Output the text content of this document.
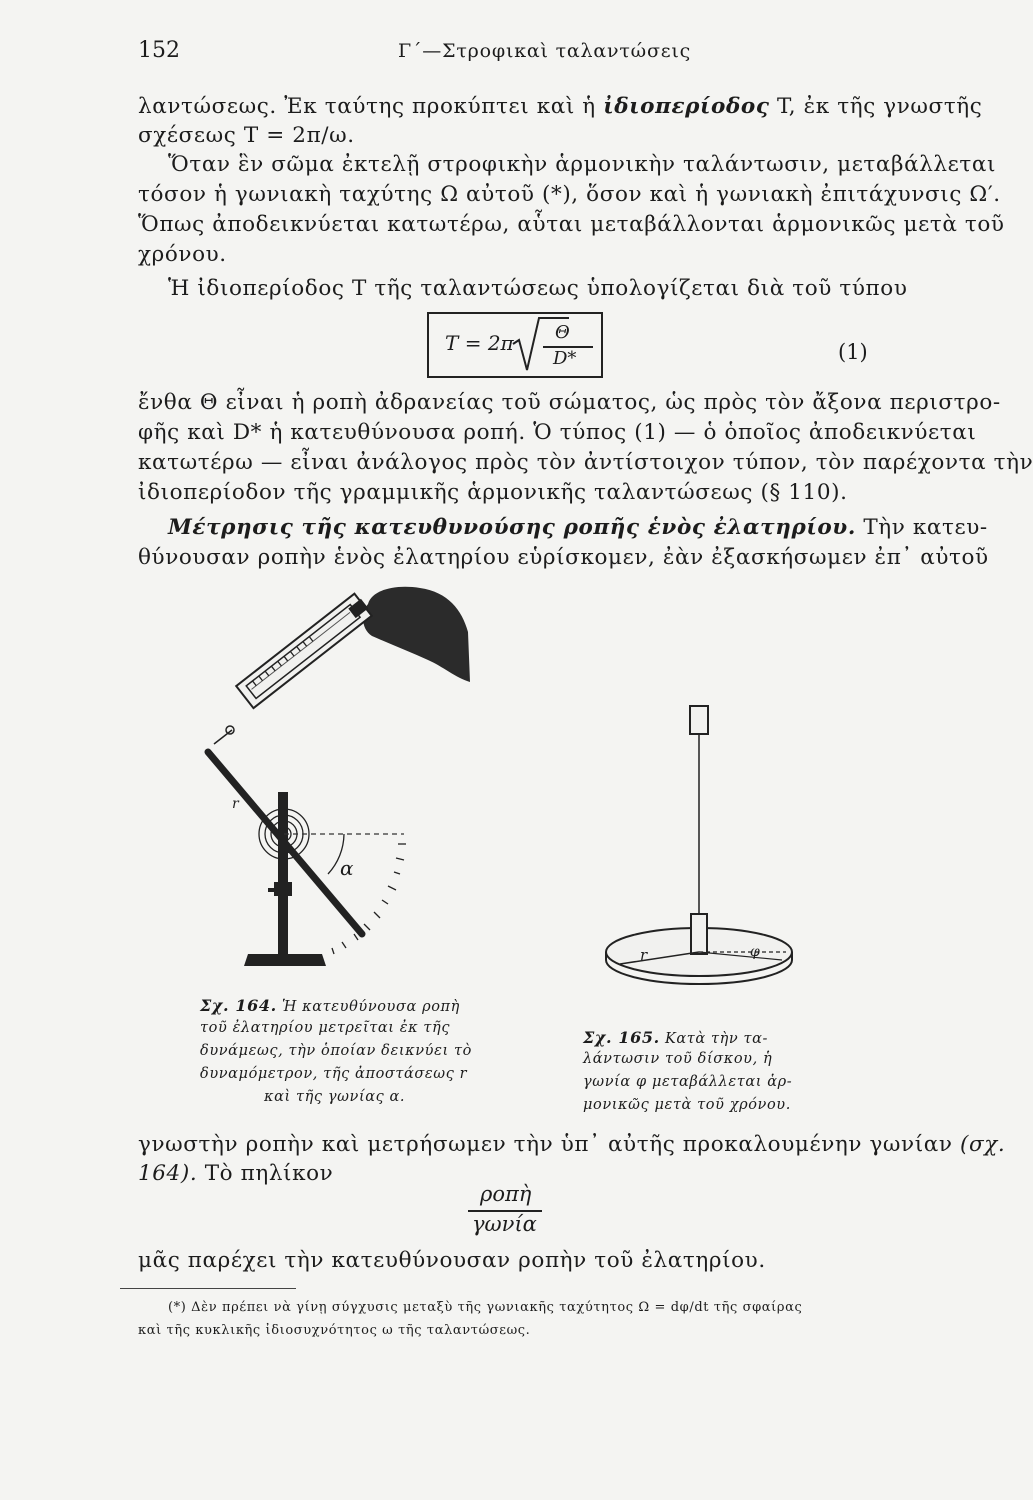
152	Γ΄—Στροφικαὶ ταλαντώσεις
λαντώσεως. Ἐκ ταύτης προκύπτει καὶ ἡ ἰδιοπερίοδος T, ἐκ τῆς γνωστῆς
σχέσεως T = 2π/ω.
Ὅταν ἓν σῶμα ἐκτελῇ στροφικὴν ἁρμονικὴν ταλάντωσιν, μεταβάλλεται
τόσον ἡ γωνιακὴ ταχύτης Ω αὐτοῦ (*), ὅσον καὶ ἡ γωνιακὴ ἐπιτάχυνσις Ω′.
Ὅπως ἀποδεικνύεται κατωτέρω, αὗται μεταβάλλονται ἁρμονικῶς μετὰ τοῦ
χρόνου.
Ἡ ἰδιοπερίοδος T τῆς ταλαντώσεως ὑπολογίζεται διὰ τοῦ τύπου
T = 2π Θ
D*	(1)
ἔνθα Θ εἶναι ἡ ροπὴ ἀδρανείας τοῦ σώματος, ὡς πρὸς τὸν ἄξονα περιστρο-
φῆς καὶ D* ἡ κατευθύνουσα ροπή. Ὁ τύπος (1) — ὁ ὁποῖος ἀποδεικνύεται
κατωτέρω — εἶναι ἀνάλογος πρὸς τὸν ἀντίστοιχον τύπον, τὸν παρέχοντα τὴν
ἰδιοπερίοδον τῆς γραμμικῆς ἁρμονικῆς ταλαντώσεως (§ 110).
Μέτρησις τῆς κατευθυνούσης ροπῆς ἑνὸς ἐλατηρίου. Τὴν κατευ-
θύνουσαν ροπὴν ἑνὸς ἐλατηρίου εὑρίσκομεν, ἐὰν ἐξασκήσωμεν ἐπ᾽ αὐτοῦ
r
α
r	φ
Σχ. 164. Ἡ κατευθύνουσα ροπὴ
τοῦ ἐλατηρίου μετρεῖται ἐκ τῆς
δυνάμεως, τὴν ὁποίαν δεικνύει τὸ
δυναμόμετρον, τῆς ἀποστάσεως r
καὶ τῆς γωνίας α.
Σχ. 165. Κατὰ τὴν τα-
λάντωσιν τοῦ δίσκου, ἡ
γωνία φ μεταβάλλεται ἁρ-
μονικῶς μετὰ τοῦ χρόνου.
γνωστὴν ροπὴν καὶ μετρήσωμεν τὴν ὑπ᾽ αὐτῆς προκαλουμένην γωνίαν (σχ.
164). Τὸ πηλίκον
ροπὴ
γωνία
μᾶς παρέχει τὴν κατευθύνουσαν ροπὴν τοῦ ἐλατηρίου.
(*) Δὲν πρέπει νὰ γίνῃ σύγχυσις μεταξὺ τῆς γωνιακῆς ταχύτητος Ω = dφ/dt τῆς σφαίρας
καὶ τῆς κυκλικῆς ἰδιοσυχνότητος ω τῆς ταλαντώσεως.
